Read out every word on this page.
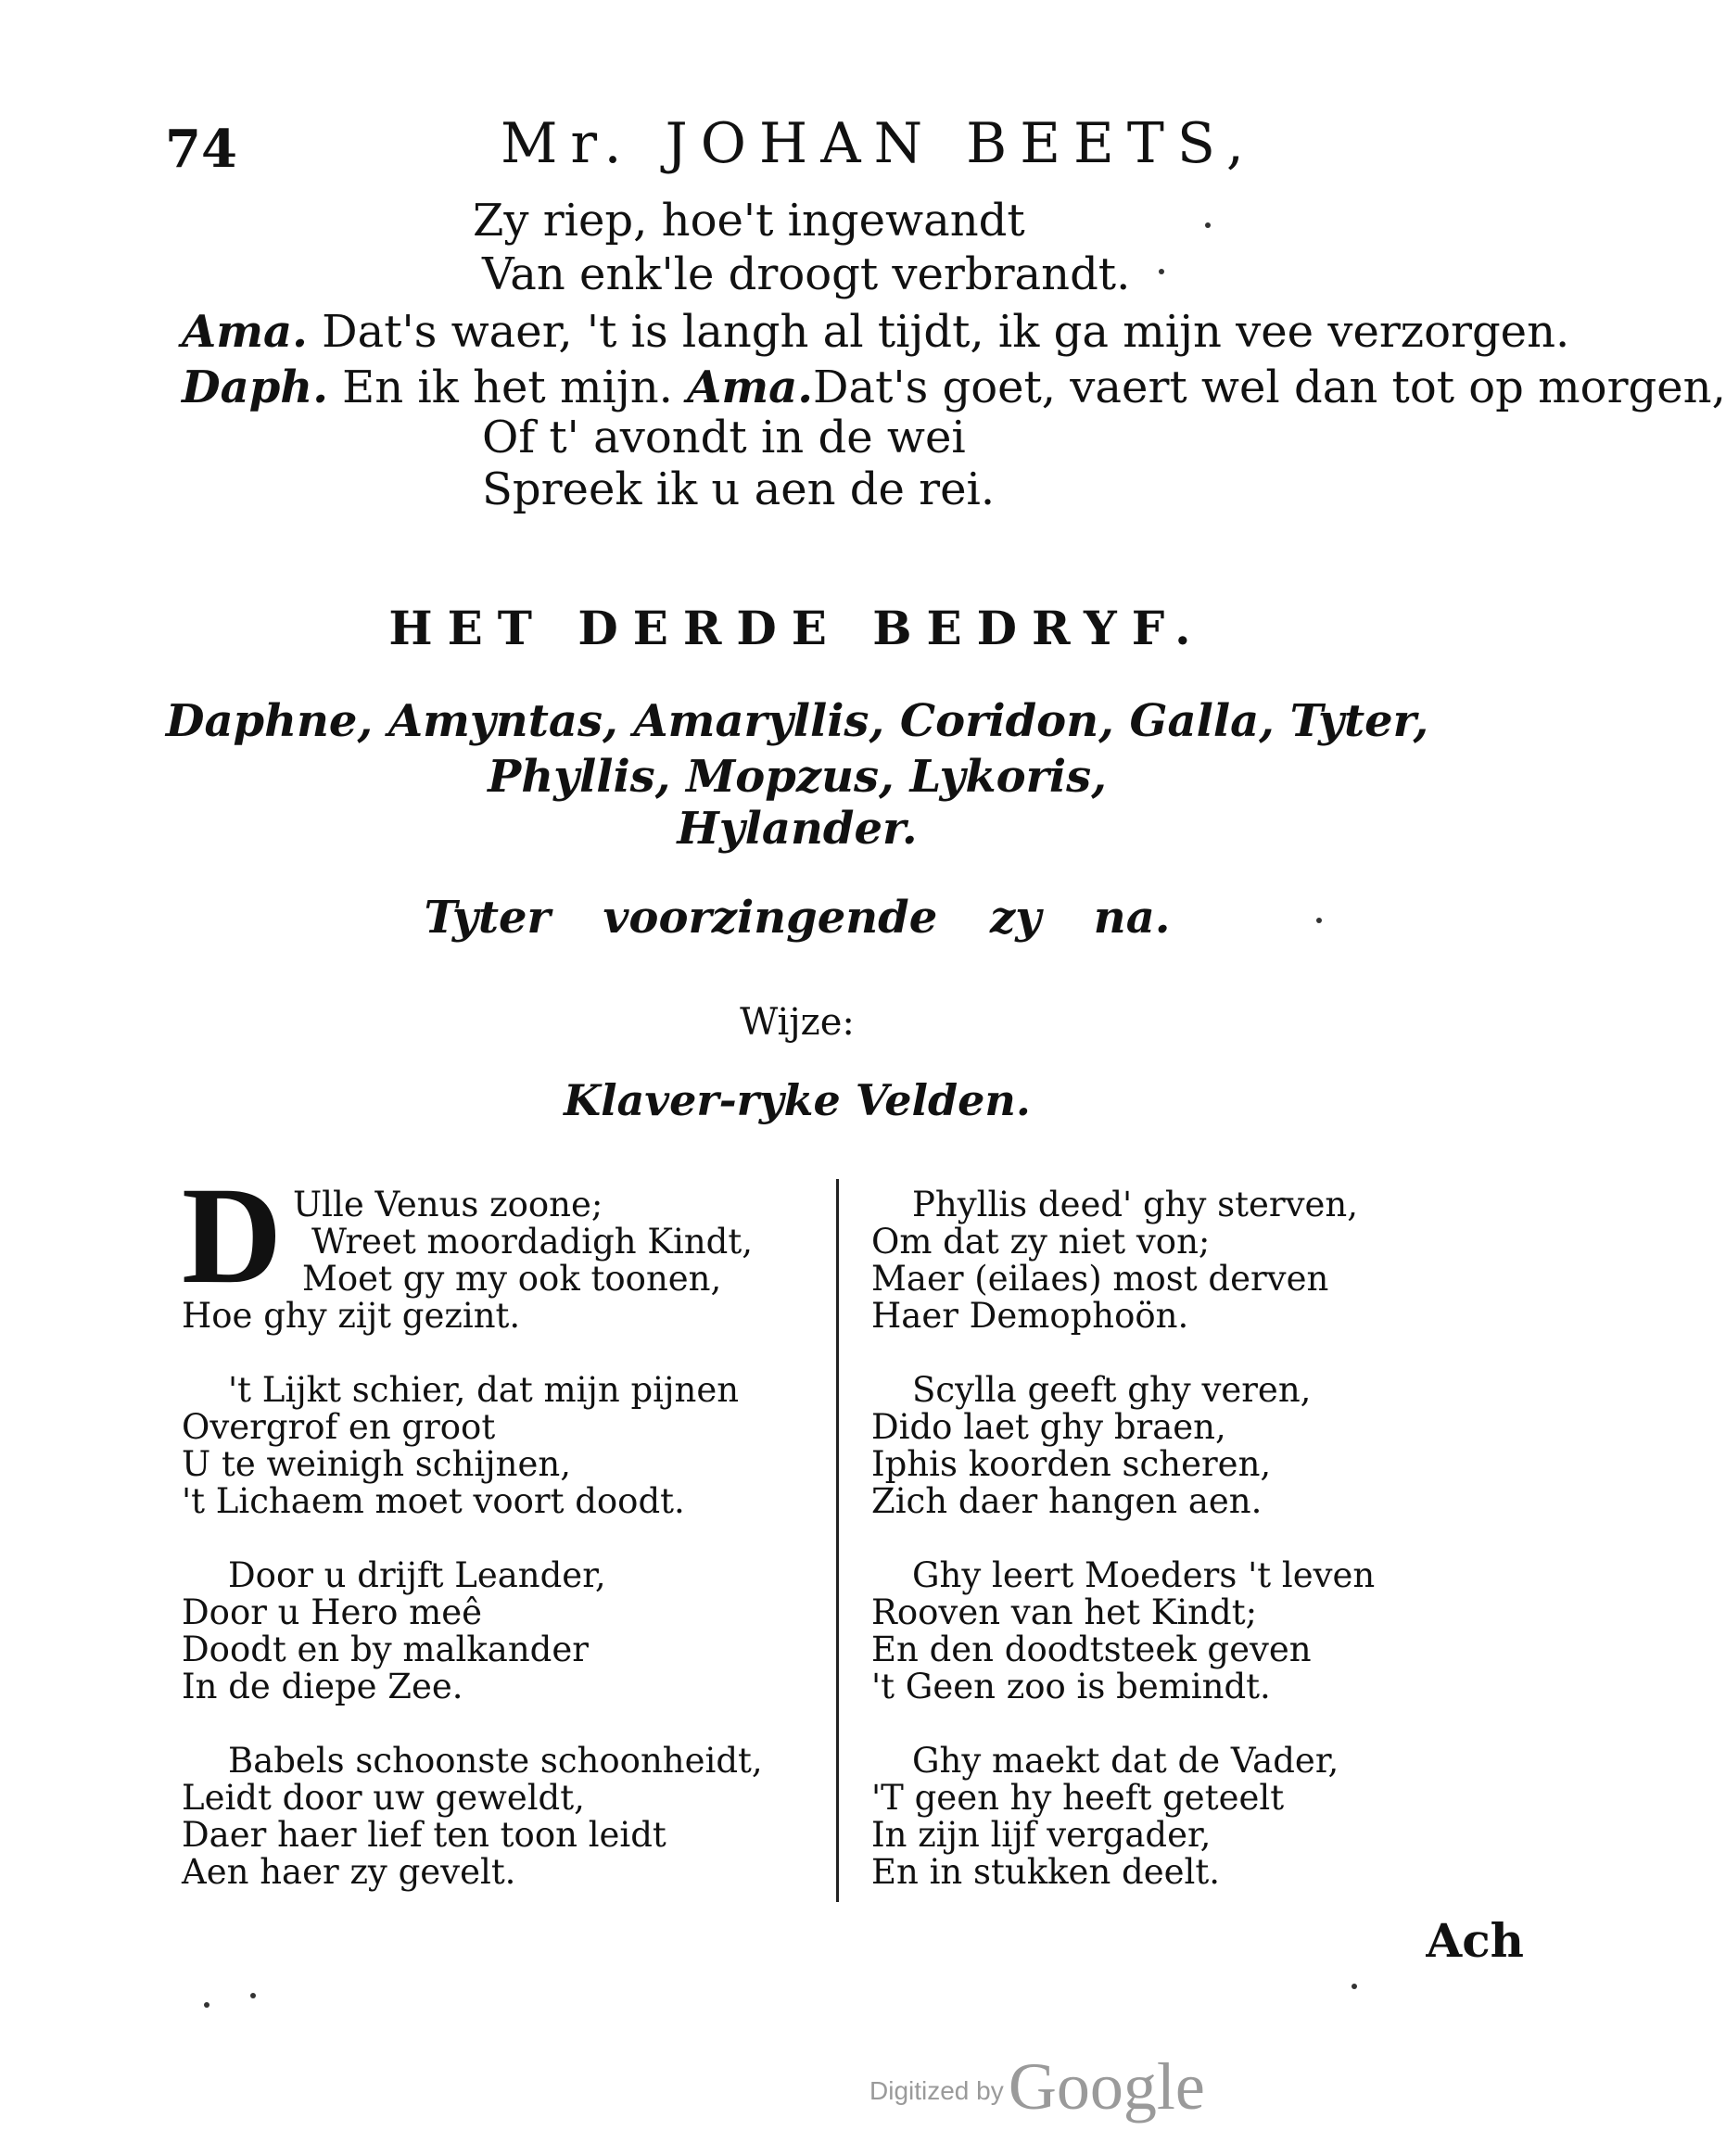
74	Mr. JOHAN BEETS,
Zy riep, hoe't ingewandt
Van enk'le droogt verbrandt.
Ama. Dat's waer, 't is langh al tijdt, ik ga mijn vee verzorgen.
Daph. En ik het mijn. Ama.Dat's goet, vaert wel dan tot op morgen,
Of t' avondt in de wei
Spreek ik u aen de rei.
HET DERDE BEDRYF.
Daphne, Amyntas, Amaryllis, Coridon, Galla, Tyter,
Phyllis, Mopzus, Lykoris,
Hylander.
Tyter voorzingende zy na.
Wijze:
Klaver-ryke Velden.
D Ulle Venus zoone;
Wreet moordadigh Kindt,
Moet gy my ook toonen,
Hoe ghy zijt gezint.
't Lijkt schier, dat mijn pijnen
Overgrof en groot
U te weinigh schijnen,
't Lichaem moet voort doodt.
Door u drijft Leander,
Door u Hero meê
Doodt en by malkander
In de diepe Zee.
Babels schoonste schoonheidt,
Leidt door uw geweldt,
Daer haer lief ten toon leidt
Aen haer zy gevelt.
Phyllis deed' ghy sterven,
Om dat zy niet von;
Maer (eilaes) most derven
Haer Demophoön.
Scylla geeft ghy veren,
Dido laet ghy braen,
Iphis koorden scheren,
Zich daer hangen aen.
Ghy leert Moeders 't leven
Rooven van het Kindt;
En den doodtsteek geven
't Geen zoo is bemindt.
Ghy maekt dat de Vader,
'T geen hy heeft geteelt
In zijn lijf vergader,
En in stukken deelt.
Ach
Digitized by Google
